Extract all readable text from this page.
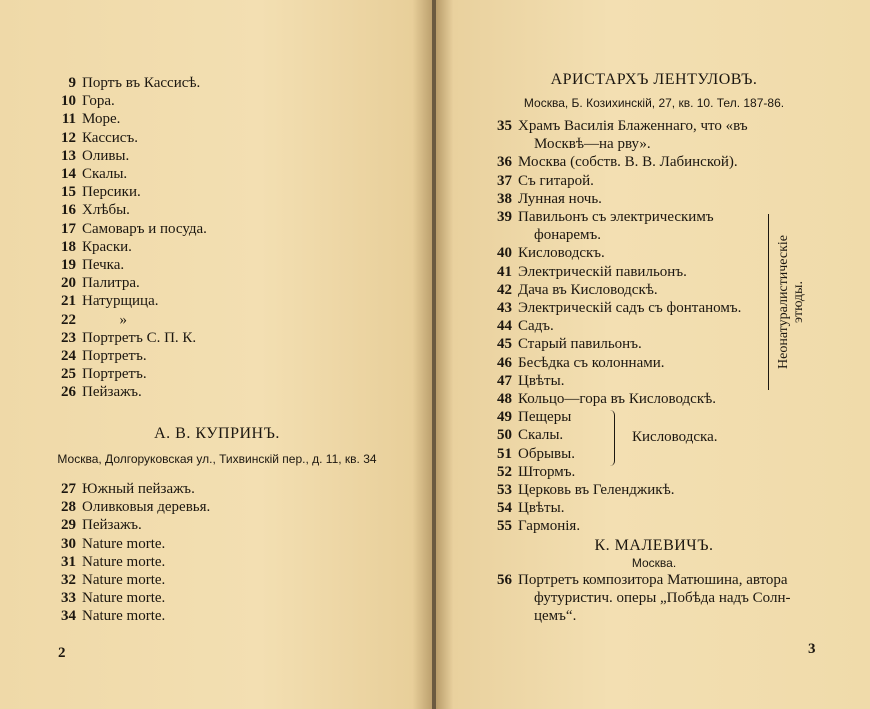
9 Портъ въ Кассисѣ.
10 Гора.
11 Море.
12 Кассисъ.
13 Оливы.
14 Скалы.
15 Персики.
16 Хлѣбы.
17 Самоваръ и посуда.
18 Краски.
19 Печка.
20 Палитра.
21 Натурщица.
22 »
23 Портретъ С. П. К.
24 Портретъ.
25 Портретъ.
26 Пейзажъ.
А. В. КУПРИНЪ.
Москва, Долгоруковская ул., Тихвинскій пер., д. 11, кв. 34
27 Южный пейзажъ.
28 Оливковыя деревья.
29 Пейзажъ.
30 Nature morte.
31 Nature morte.
32 Nature morte.
33 Nature morte.
34 Nature morte.
2
АРИСТАРХЪ ЛЕНТУЛОВЪ.
Москва, Б. Козихинскій, 27, кв. 10. Тел. 187-86.
35 Храмъ Василія Блаженнаго, что «въ
Москвѣ—на рву».
36 Москва (собств. В. В. Лабинской).
37 Съ гитарой.
38 Лунная ночь.
39 Павильонъ съ электрическимъ
фонаремъ.
40 Кисловодскъ.
41 Электрическій павильонъ.
42 Дача въ Кисловодскѣ.
43 Электрическій садъ съ фонтаномъ.
44 Садъ.
45 Старый павильонъ.
46 Бесѣдка съ колоннами.
47 Цвѣты.
48 Кольцо—гора въ Кисловодскѣ.
49 Пещеры
50 Скалы.
51 Обрывы.
52 Штормъ.
53 Церковь въ Геленджикѣ.
54 Цвѣты.
55 Гармонія.
Неонатуралистическіе этюды.
Кисловодска.
К. МАЛЕВИЧЪ.
Москва.
56 Портретъ композитора Матюшина, автора
футуристич. оперы „Побѣда надъ Солн-
цемъ“.
3
